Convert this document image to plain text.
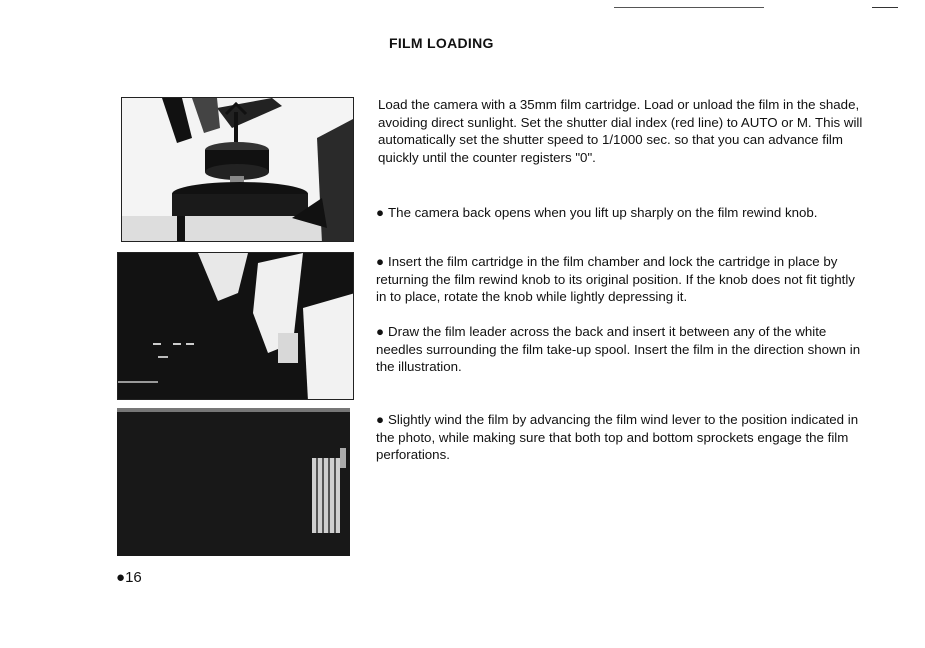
FILM LOADING

Load the camera with a 35mm film cartridge. Load or unload the film in the shade, avoiding direct sunlight. Set the shutter dial index (red line) to AUTO or M. This will automatically set the shutter speed to 1/1000 sec. so that you can advance film quickly until the counter registers "0".

● The camera back opens when you lift up sharply on the film rewind knob.

● Insert the film cartridge in the film chamber and lock the cartridge in place by returning the film rewind knob to its original position. If the knob does not fit tightly in to place, rotate the knob while lightly depressing it.

● Draw the film leader across the back and insert it between any of the white needles surrounding the film take-up spool. Insert the film in the direction shown in the illustration.

● Slightly wind the film by advancing the film wind lever to the position indicated in the photo, while making sure that both top and bottom sprockets engage the film perforations.

●16
